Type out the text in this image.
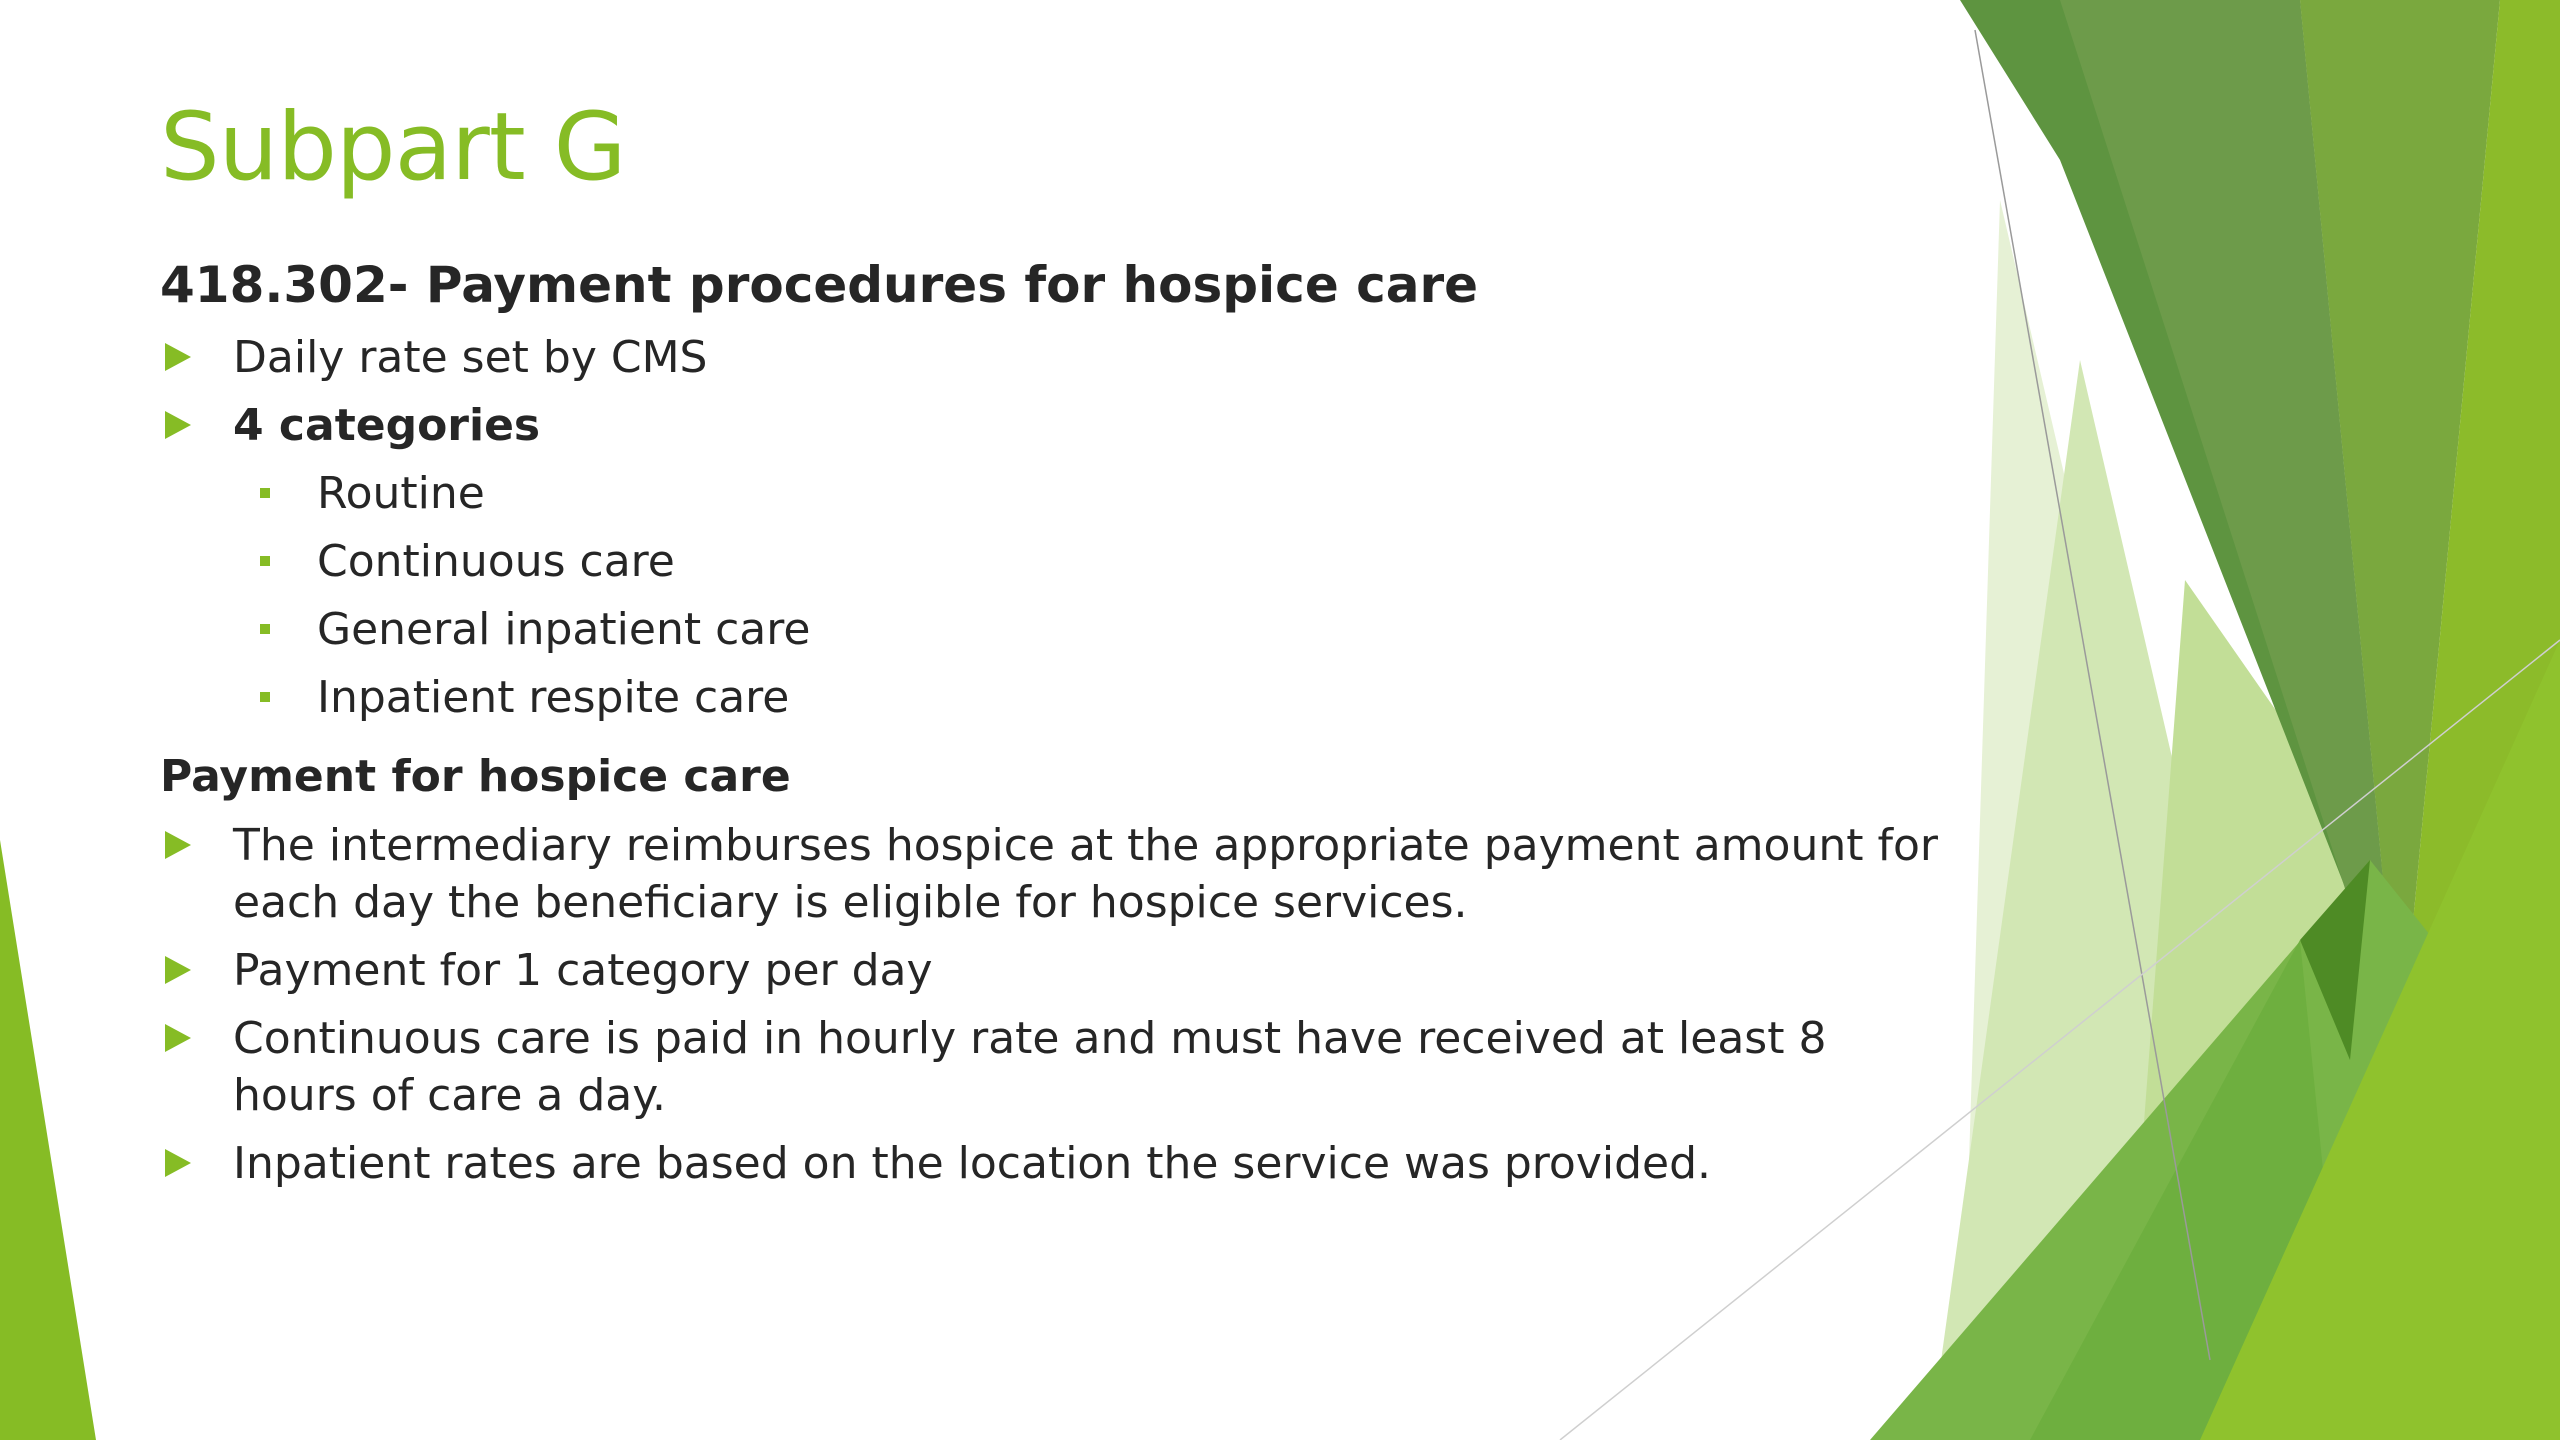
Subpart G
418.302- Payment procedures for hospice care
Daily rate set by CMS
4 categories
Routine
Continuous care
General inpatient care
Inpatient respite care
Payment for hospice care
The intermediary reimburses hospice at the appropriate payment amount for each day the beneficiary is eligible for hospice services.
Payment for 1 category per day
Continuous care is paid in hourly rate and must have received at least 8 hours of care a day.
Inpatient rates are based on the location the service was provided.
